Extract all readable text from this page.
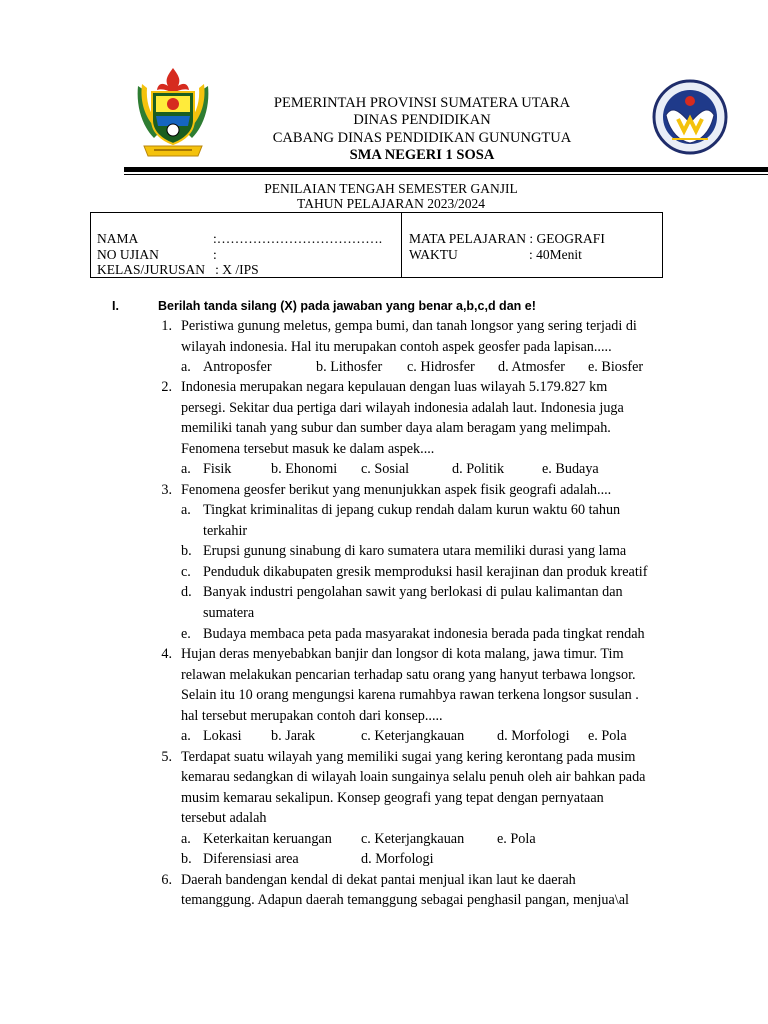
PEMERINTAH PROVINSI SUMATERA UTARA
DINAS PENDIDIKAN
CABANG DINAS PENDIDIKAN GUNUNGTUA
SMA NEGERI 1 SOSA
PENILAIAN TENGAH SEMESTER GANJIL
TAHUN PELAJARAN 2023/2024
NAMA	:……………………………….
NO UJIAN	:
KELAS/JURUSAN   : X /IPS
MATA PELAJARAN : GEOGRAFI
WAKTU	: 40Menit
I.	Berilah tanda silang (X) pada jawaban yang benar a,b,c,d dan e!
1. Peristiwa gunung meletus, gempa bumi, dan tanah longsor yang sering terjadi di
wilayah indonesia. Hal itu merupakan contoh aspek geosfer pada lapisan.....
a. Antroposfer	b. Lithosfer c. Hidrosfer d. Atmosfer e. Biosfer
2. Indonesia merupakan negara kepulauan dengan luas wilayah 5.179.827 km
persegi. Sekitar dua pertiga dari wilayah indonesia adalah laut. Indonesia juga
memiliki tanah yang subur dan sumber daya alam beragam yang melimpah.
Fenomena tersebut masuk ke dalam aspek....
a. Fisik	b. Ehonomi c. Sosial	d. Politik	e. Budaya
3. Fenomena geosfer berikut yang menunjukkan aspek fisik geografi adalah....
a. Tingkat kriminalitas di jepang cukup rendah dalam kurun waktu 60 tahun
terkahir
b. Erupsi gunung sinabung di karo sumatera utara memiliki durasi yang lama
c. Penduduk dikabupaten gresik memproduksi hasil kerajinan dan produk kreatif
d. Banyak industri pengolahan sawit yang berlokasi di pulau kalimantan dan
sumatera
e. Budaya membaca peta pada masyarakat indonesia berada pada tingkat rendah
4. Hujan deras menyebabkan banjir dan longsor di kota malang, jawa timur. Tim
relawan melakukan pencarian terhadap satu orang yang hanyut terbawa longsor.
Selain itu 10 orang mengungsi karena rumahbya rawan terkena longsor susulan .
hal tersebut merupakan contoh dari konsep.....
a. Lokasi b. Jarak	c. Keterjangkauan d. Morfologi e. Pola
5. Terdapat suatu wilayah yang memiliki sugai yang kering kerontang pada musim
kemarau sedangkan di wilayah loain sungainya selalu penuh oleh air bahkan pada
musim kemarau sekalipun. Konsep geografi yang tepat dengan pernyataan
tersebut adalah
a. Keterkaitan keruangan c. Keterjangkauan e. Pola
b. Diferensiasi area	d. Morfologi
6. Daerah bandengan kendal di dekat pantai menjual ikan laut ke daerah
temanggung. Adapun daerah temanggung sebagai penghasil pangan, menjua\al
